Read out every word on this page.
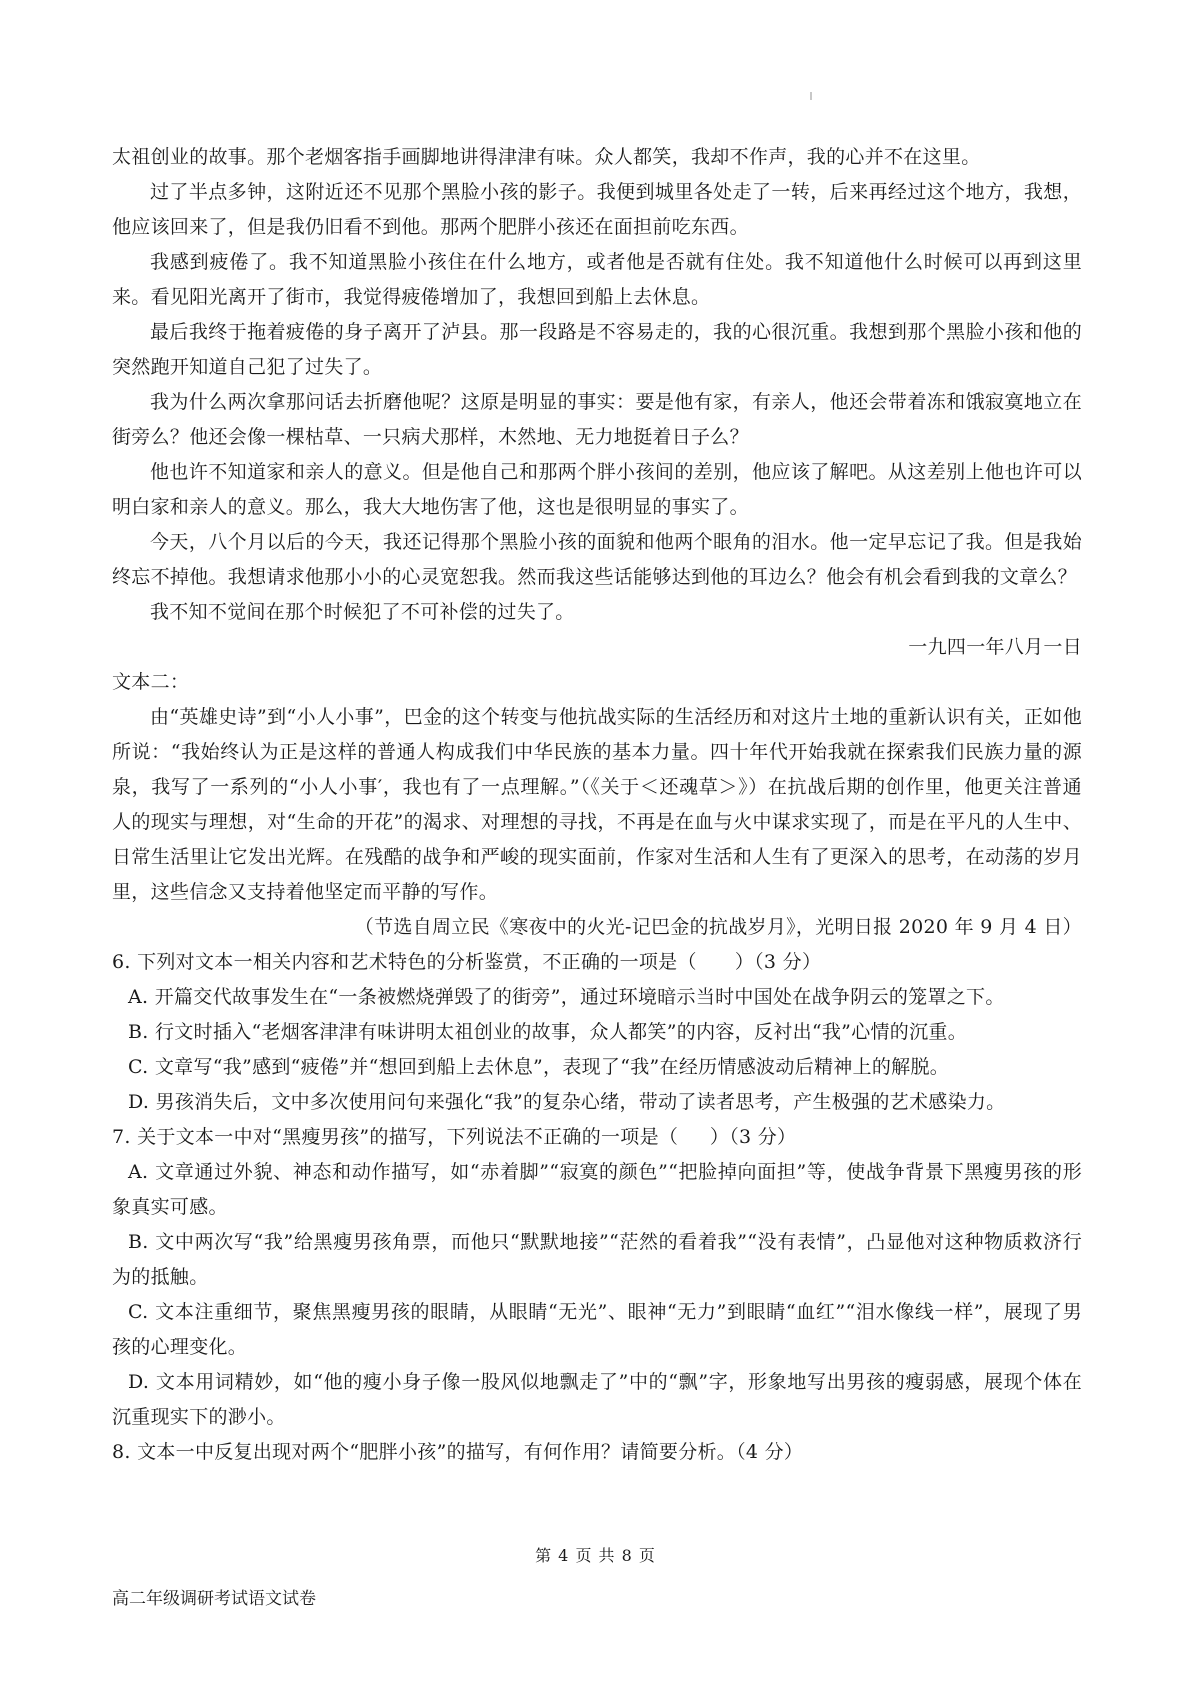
太祖创业的故事。那个老烟客指手画脚地讲得津津有味。众人都笑，我却不作声，我的心并不在这里。

过了半点多钟，这附近还不见那个黑脸小孩的影子。我便到城里各处走了一转，后来再经过这个地方，我想，他应该回来了，但是我仍旧看不到他。那两个肥胖小孩还在面担前吃东西。

我感到疲倦了。我不知道黑脸小孩住在什么地方，或者他是否就有住处。我不知道他什么时候可以再到这里来。看见阳光离开了街市，我觉得疲倦增加了，我想回到船上去休息。

最后我终于拖着疲倦的身子离开了泸县。那一段路是不容易走的，我的心很沉重。我想到那个黑脸小孩和他的突然跑开知道自己犯了过失了。

我为什么两次拿那问话去折磨他呢？这原是明显的事实：要是他有家，有亲人，他还会带着冻和饿寂寞地立在街旁么？他还会像一棵枯草、一只病犬那样，木然地、无力地挺着日子么？

他也许不知道家和亲人的意义。但是他自己和那两个胖小孩间的差别，他应该了解吧。从这差别上他也许可以明白家和亲人的意义。那么，我大大地伤害了他，这也是很明显的事实了。

今天，八个月以后的今天，我还记得那个黑脸小孩的面貌和他两个眼角的泪水。他一定早忘记了我。但是我始终忘不掉他。我想请求他那小小的心灵宽恕我。然而我这些话能够达到他的耳边么？他会有机会看到我的文章么？

我不知不觉间在那个时候犯了不可补偿的过失了。

一九四一年八月一日

文本二：

由“英雄史诗”到“小人小事”，巴金的这个转变与他抗战实际的生活经历和对这片土地的重新认识有关，正如他所说：“我始终认为正是这样的普通人构成我们中华民族的基本力量。四十年代开始我就在探索我们民族力量的源泉，我写了一系列的“小人小事′，我也有了一点理解。”（《关于＜还魂草＞》）在抗战后期的创作里，他更关注普通人的现实与理想，对“生命的开花”的渴求、对理想的寻找，不再是在血与火中谋求实现了，而是在平凡的人生中、日常生活里让它发出光辉。在残酷的战争和严峻的现实面前，作家对生活和人生有了更深入的思考，在动荡的岁月里，这些信念又支持着他坚定而平静的写作。

（节选自周立民《寒夜中的火光-记巴金的抗战岁月》，光明日报 2020 年 9 月 4 日）

6. 下列对文本一相关内容和艺术特色的分析鉴赏，不正确的一项是（ ）（3 分）

A. 开篇交代故事发生在“一条被燃烧弹毁了的街旁”，通过环境暗示当时中国处在战争阴云的笼罩之下。

B. 行文时插入“老烟客津津有味讲明太祖创业的故事，众人都笑”的内容，反衬出“我”心情的沉重。

C. 文章写“我”感到“疲倦”并“想回到船上去休息”，表现了“我”在经历情感波动后精神上的解脱。

D. 男孩消失后，文中多次使用问句来强化“我”的复杂心绪，带动了读者思考，产生极强的艺术感染力。

7. 关于文本一中对“黑瘦男孩”的描写，下列说法不正确的一项是（ ）（3 分）

A. 文章通过外貌、神态和动作描写，如“赤着脚”“寂寞的颜色”“把脸掉向面担”等，使战争背景下黑瘦男孩的形象真实可感。

B. 文中两次写“我”给黑瘦男孩角票，而他只“默默地接”“茫然的看着我”“没有表情”，凸显他对这种物质救济行为的抵触。

C. 文本注重细节，聚焦黑瘦男孩的眼睛，从眼睛“无光”、眼神“无力”到眼睛“血红”“泪水像线一样”，展现了男孩的心理变化。

D. 文本用词精妙，如“他的瘦小身子像一股风似地飘走了”中的“飘”字，形象地写出男孩的瘦弱感，展现个体在沉重现实下的渺小。

8. 文本一中反复出现对两个“肥胖小孩”的描写，有何作用？请简要分析。（4 分）

第 4 页 共 8 页
高二年级调研考试语文试卷
